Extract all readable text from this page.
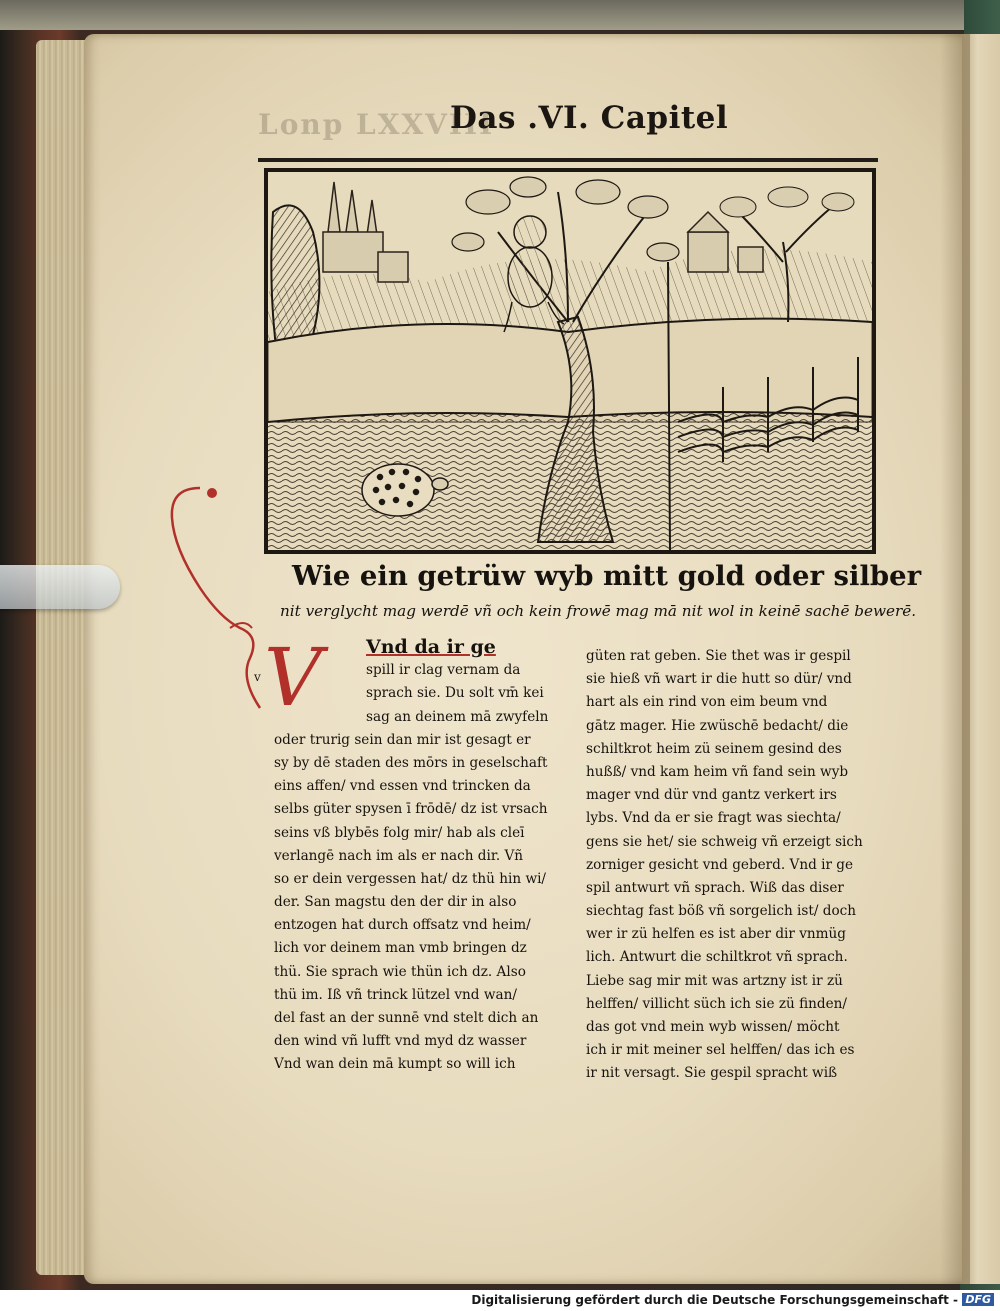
Lonp LXXVIII
Das .VI. Capitel
V
v
Wie ein getrüw wyb mitt gold oder silber
nit verglycht mag werdē vñ och kein frowē mag mā nit wol in keinē sachē bewerē.
Vnd da ir ge
spill ir clag vernam da
sprach sie. Du solt vm̄ kei
sag an deinem mā zwyfeln
oder trurig sein dan mir ist gesagt er
sy by dē staden des mōrs in geselschaft
eins affen/ vnd essen vnd trincken da
selbs güter spysen ī frōdē/ dz ist vrsach
seins vß blybēs folg mir/ hab als cleī
verlangē nach im als er nach dir. Vñ
so er dein vergessen hat/ dz thü hin wi/
der. San magstu den der dir in also
entzogen hat durch offsatz vnd heim/
lich vor deinem man vmb bringen dz
thü. Sie sprach wie thün ich dz. Also
thü im. Iß vñ trinck lützel vnd wan/
del fast an der sunnē vnd stelt dich an
den wind vñ lufft vnd myd dz wasser
Vnd wan dein mā kumpt so will ich
güten rat geben. Sie thet was ir gespil
sie hieß vñ wart ir die hutt so dür/ vnd
hart als ein rind von eim beum vnd
gātz mager. Hie zwüschē bedacht/ die
schiltkrot heim zü seinem gesind des
hußß/ vnd kam heim vñ fand sein wyb
mager vnd dür vnd gantz verkert irs
lybs. Vnd da er sie fragt was siechta/
gens sie het/ sie schweig vñ erzeigt sich
zorniger gesicht vnd geberd. Vnd ir ge
spil antwurt vñ sprach. Wiß das diser
siechtag fast böß vñ sorgelich ist/ doch
wer ir zü helfen es ist aber dir vnmüg
lich. Antwurt die schiltkrot vñ sprach.
Liebe sag mir mit was artzny ist ir zü
helffen/ villicht süch ich sie zü finden/
das got vnd mein wyb wissen/ möcht
ich ir mit meiner sel helffen/ das ich es
ir nit versagt. Sie gespil spracht wiß
Digitalisierung gefördert durch die Deutsche Forschungsgemeinschaft - DFG
